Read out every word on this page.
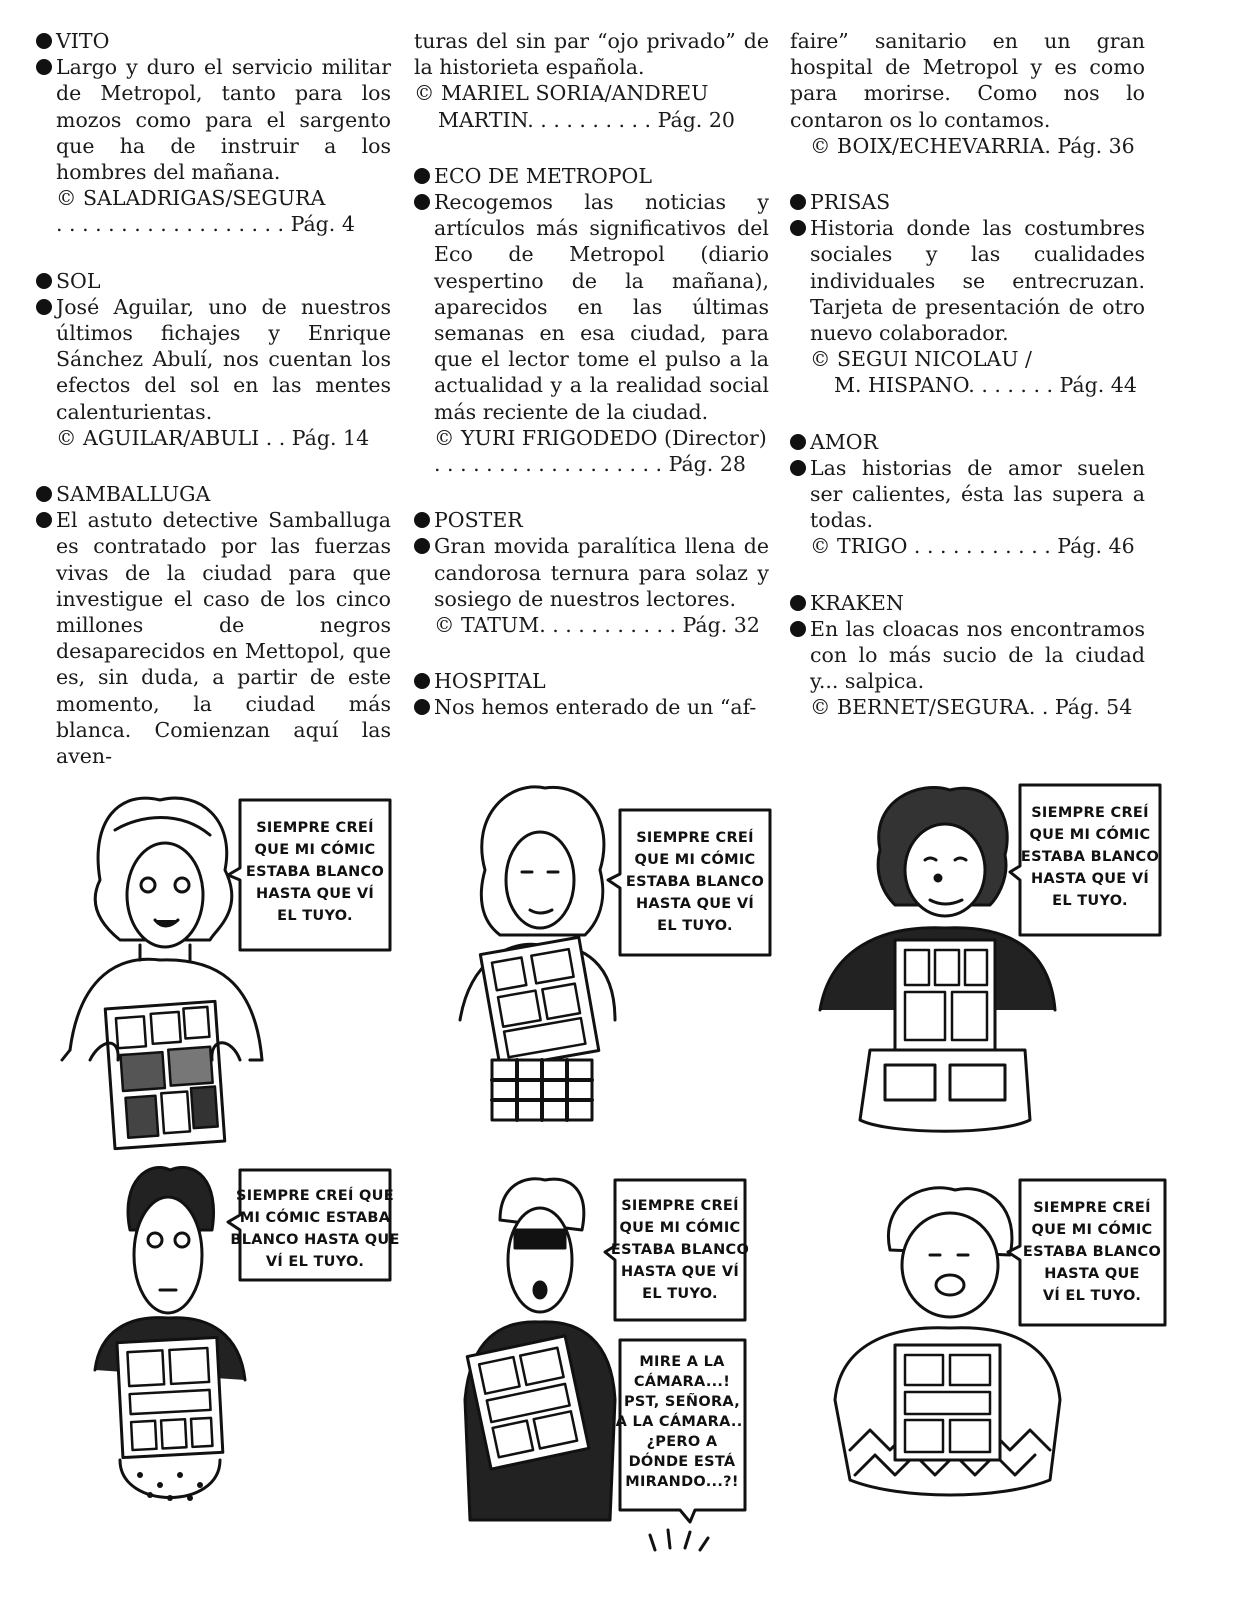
VITO
Largo y duro el servicio militar de Metropol, tanto para los mozos como para el sargento que ha de instruir a los hombres del mañana.
© SALADRIGAS/SEGURA
. . . . . . . . . . . . . . . . . . Pág. 4
SOL
José Aguilar, uno de nuestros últimos fichajes y Enrique Sánchez Abulí, nos cuentan los efectos del sol en las mentes calenturientas.
© AGUILAR/ABULI . . Pág. 14
SAMBALLUGA
El astuto detective Samballuga es contratado por las fuerzas vivas de la ciudad para que investigue el caso de los cinco millones de negros desaparecidos en Mettopol, que es, sin duda, a partir de este momento, la ciudad más blanca. Comienzan aquí las aven-
turas del sin par “ojo privado” de la historieta española.
© MARIEL SORIA/ANDREU
MARTIN. . . . . . . . . . Pág. 20
ECO DE METROPOL
Recogemos las noticias y artículos más significativos del Eco de Metropol (diario vespertino de la mañana), aparecidos en las últimas semanas en esa ciudad, para que el lector tome el pulso a la actualidad y a la realidad social más reciente de la ciudad.
© YURI FRIGODEDO (Director)
. . . . . . . . . . . . . . . . . . Pág. 28
POSTER
Gran movida paralítica llena de candorosa ternura para solaz y sosiego de nuestros lectores.
© TATUM. . . . . . . . . . . Pág. 32
HOSPITAL
Nos hemos enterado de un “af-
faire” sanitario en un gran hospital de Metropol y es como para morirse. Como nos lo contaron os lo contamos.
© BOIX/ECHEVARRIA. Pág. 36
PRISAS
Historia donde las costumbres sociales y las cualidades individuales se entrecruzan. Tarjeta de presentación de otro nuevo colaborador.
© SEGUI NICOLAU /
M. HISPANO. . . . . . . Pág. 44
AMOR
Las historias de amor suelen ser calientes, ésta las supera a todas.
© TRIGO . . . . . . . . . . . Pág. 46
KRAKEN
En las cloacas nos encontramos con lo más sucio de la ciudad y... salpica.
© BERNET/SEGURA. . Pág. 54
SIEMPRE CREÍ
QUE MI CÓMIC
ESTABA BLANCO
HASTA QUE VÍ
EL TUYO.
SIEMPRE CREÍ
QUE MI CÓMIC
ESTABA BLANCO
HASTA QUE VÍ
EL TUYO.
SIEMPRE CREÍ
QUE MI CÓMIC
ESTABA BLANCO
HASTA QUE VÍ
EL TUYO.
SIEMPRE CREÍ QUE
MI CÓMIC ESTABA
BLANCO HASTA QUE
VÍ EL TUYO.
SIEMPRE CREÍ
QUE MI CÓMIC
ESTABA BLANCO
HASTA QUE VÍ
EL TUYO.
MIRE A LA
CÁMARA...!
PST, SEÑORA,
A LA CÁMARA...
¿PERO A
DÓNDE ESTÁ
MIRANDO...?!
SIEMPRE CREÍ
QUE MI CÓMIC
ESTABA BLANCO
HASTA QUE
VÍ EL TUYO.
